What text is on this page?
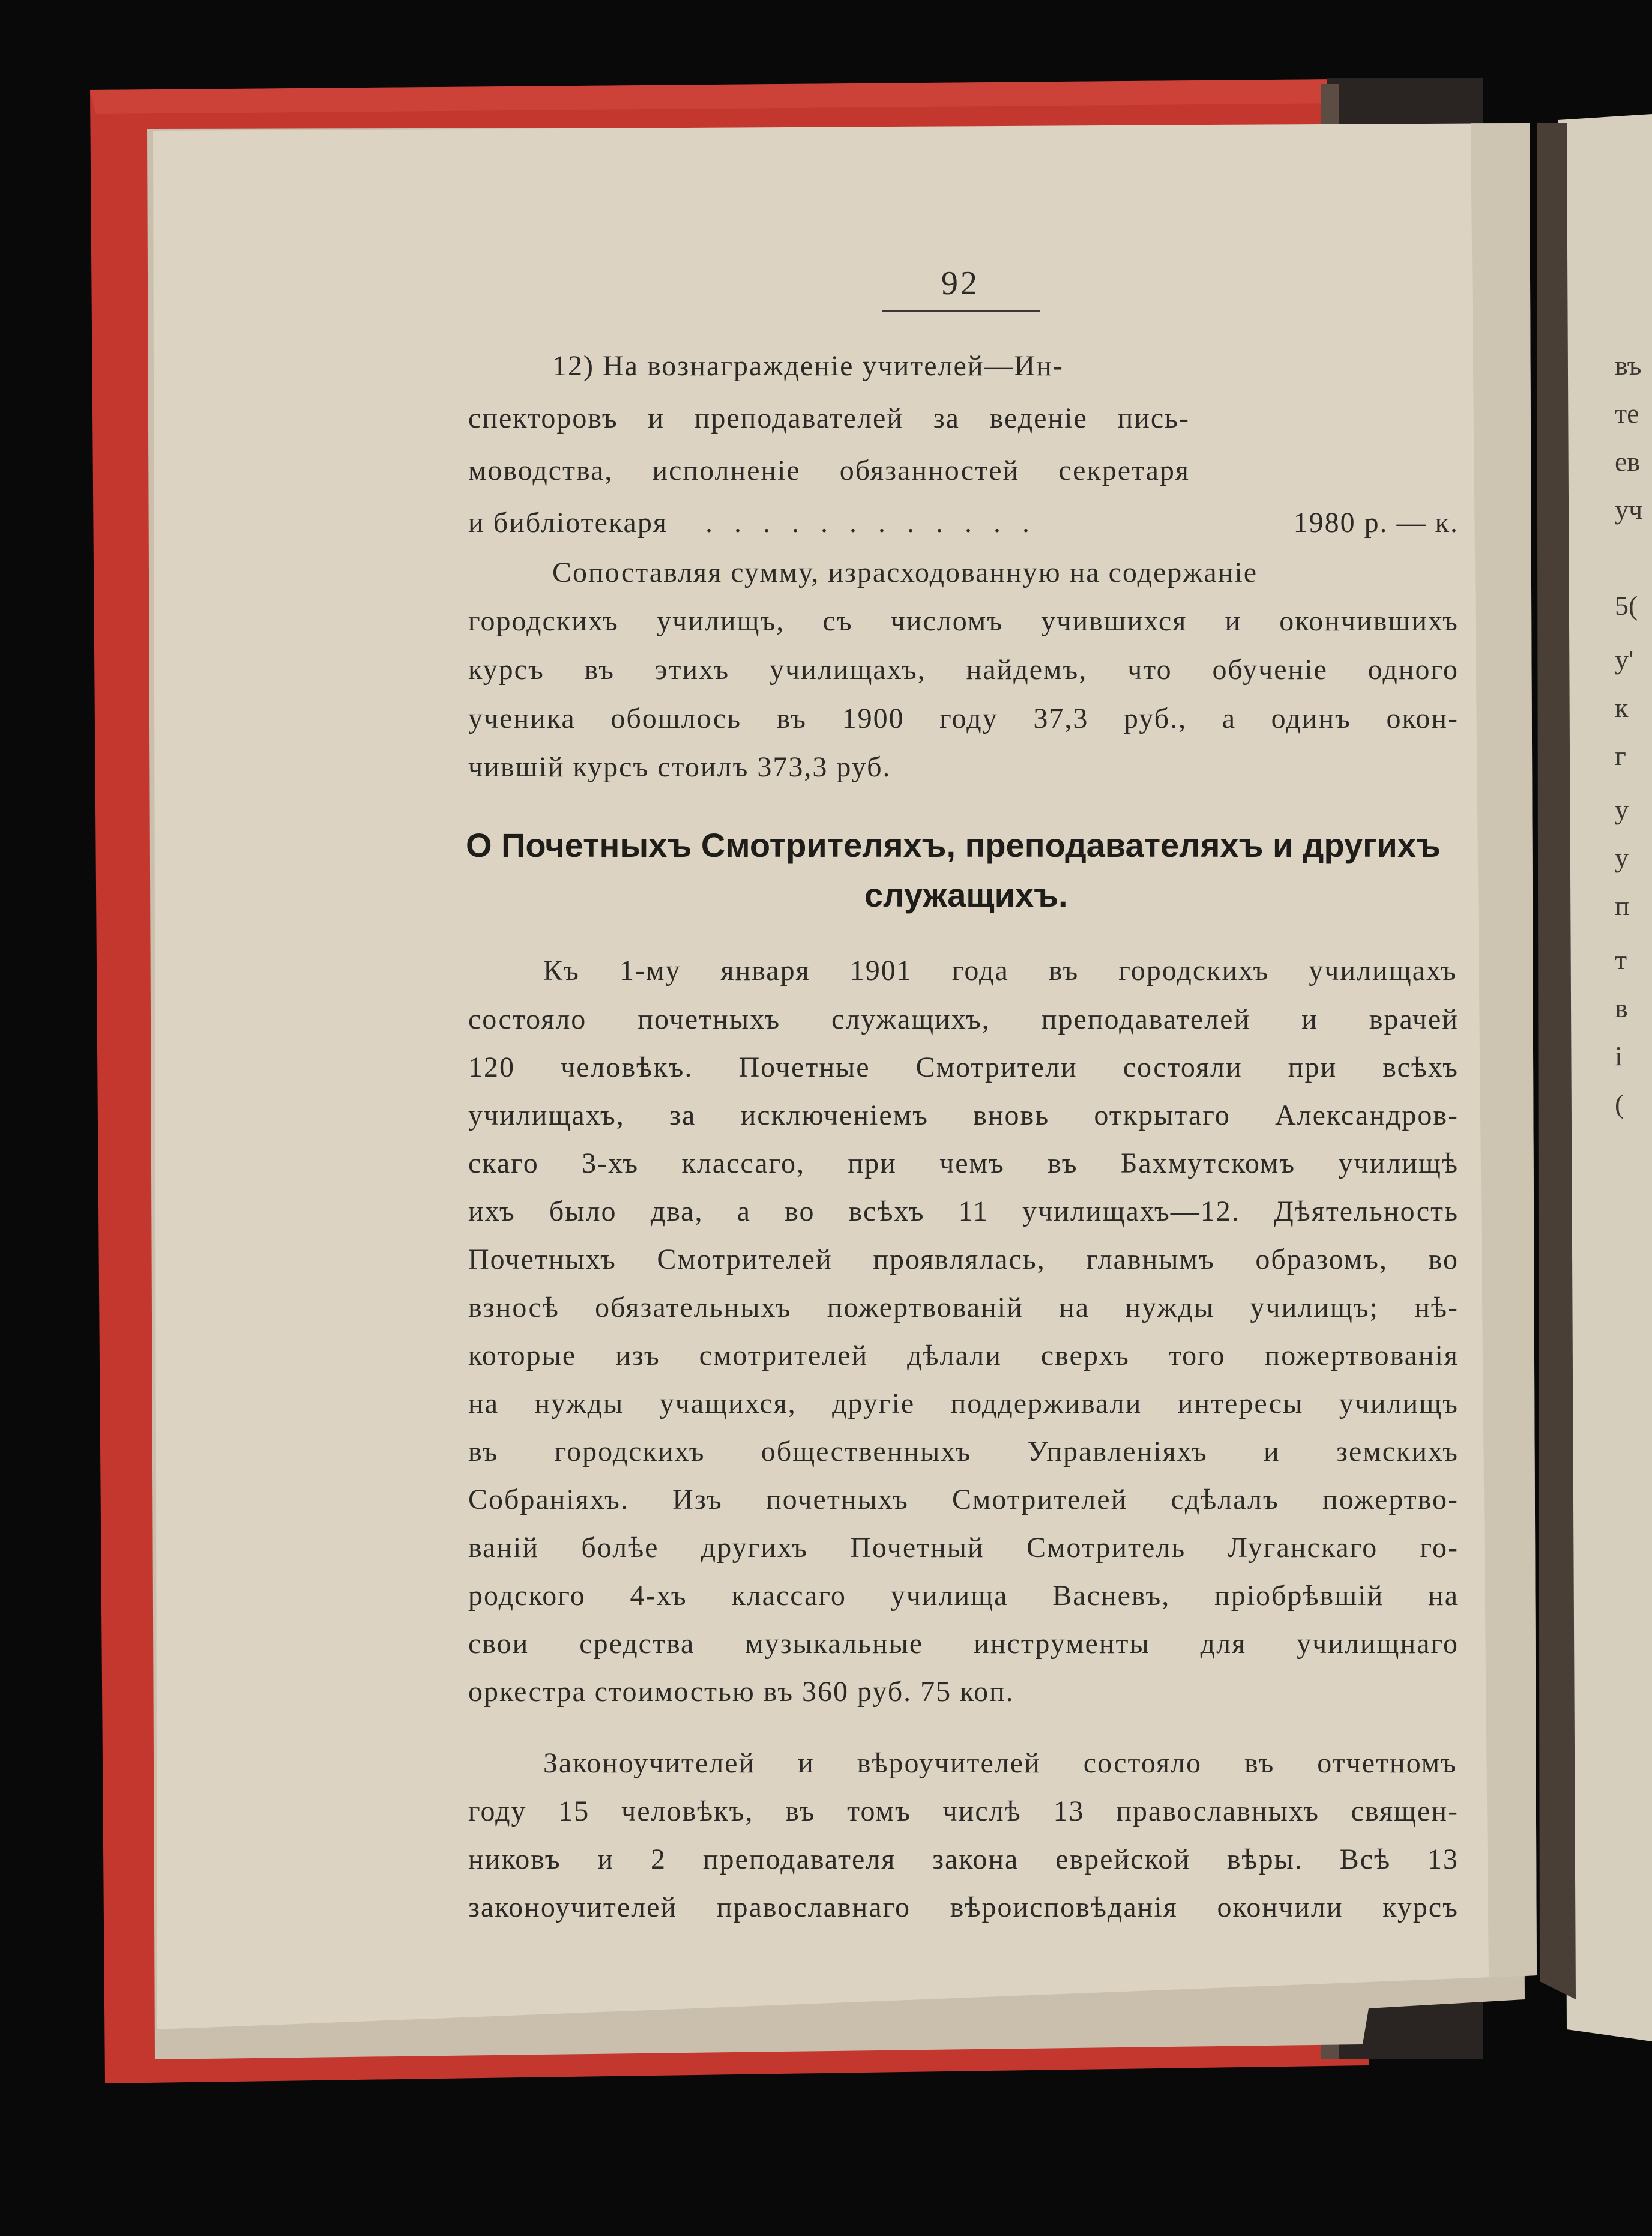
92
12) На вознагражденіе учителей—Ин-
спекторовъ и преподавателей за веденіе пись-
моводства, исполненіе обязанностей секретаря
и библіотекаря . . . . . . . . . . . .	1980 р. — к.
Сопоставляя сумму, израсходованную на содержаніе
городскихъ училищъ, съ числомъ учившихся и окончившихъ
курсъ въ этихъ училищахъ, найдемъ, что обученіе одного
ученика обошлось въ 1900 году 37,3 руб., а одинъ окон-
чившій курсъ стоилъ 373,3 руб.
О Почетныхъ Смотрителяхъ, преподавателяхъ и другихъ
служащихъ.
Къ 1-му января 1901 года въ городскихъ училищахъ
состояло почетныхъ служащихъ, преподавателей и врачей
120 человѣкъ. Почетные Смотрители состояли при всѣхъ
училищахъ, за исключеніемъ вновь открытаго Александров-
скаго 3-хъ классаго, при чемъ въ Бахмутскомъ училищѣ
ихъ было два, а во всѣхъ 11 училищахъ—12. Дѣятельность
Почетныхъ Смотрителей проявлялась, главнымъ образомъ, во
взносѣ обязательныхъ пожертвованій на нужды училищъ; нѣ-
которые изъ смотрителей дѣлали сверхъ того пожертвованія
на нужды учащихся, другіе поддерживали интересы училищъ
въ городскихъ общественныхъ Управленіяхъ и земскихъ
Собраніяхъ. Изъ почетныхъ Смотрителей сдѣлалъ пожертво-
ваній болѣе другихъ Почетный Смотритель Луганскаго го-
родского 4-хъ классаго училища Васневъ, пріобрѣвшій на
свои средства музыкальные инструменты для училищнаго
оркестра стоимостью въ 360 руб. 75 коп.
Законоучителей и вѣроучителей состояло въ отчетномъ
году 15 человѣкъ, въ томъ числѣ 13 православныхъ священ-
никовъ и 2 преподавателя закона еврейской вѣры. Всѣ 13
законоучителей православнаго вѣроисповѣданія окончили курсъ
въ
те
ев
уч
5(
у'
к
г
у
у
п
т
в
і
(
